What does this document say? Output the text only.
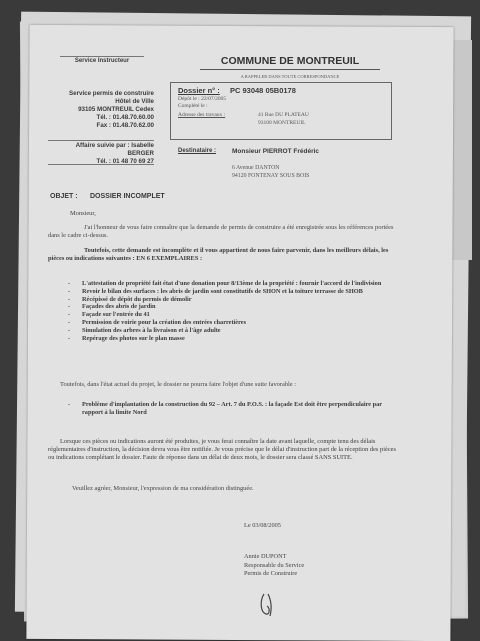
Service Instructeur
Service permis de construire
Hôtel de Ville
93105 MONTREUIL Cedex
Tél. : 01.48.70.60.00
Fax : 01.48.70.62.00
Affaire suivie par : Isabelle
BERGER
Tél. : 01 48 70 69 27
COMMUNE DE MONTREUIL
A RAPPELER DANS TOUTE CORRESPONDANCE
Dossier n° : PC 93048 05B0178
Dépôt le : 22/07/2005
Complété le :
Adresse des travaux :	41 Rue DU PLATEAU
93100 MONTREUIL
Destinataire : Monsieur PIERROT Frédéric
6 Avenue DANTON
94120 FONTENAY SOUS BOIS
OBJET : DOSSIER INCOMPLET
Monsieur,
J'ai l'honneur de vous faire connaître que la demande de permis de construire a été enregistrée sous les références portées dans le cadre ci-dessus.
Toutefois, cette demande est incomplète et il vous appartient de nous faire parvenir, dans les meilleurs délais, les pièces ou indications suivantes : EN 6 EXEMPLAIRES :
- L'attestation de propriété fait état d'une donation pour 8/13ème de la propriété : fournir l'accord de l'indivision
- Revoir le bilan des surfaces : les abris de jardin sont constitutifs de SHON et la toiture terrasse de SHOB
- Récépissé de dépôt du permis de démolir
- Façades des abris de jardin
- Façade sur l'entrée du 41
- Permission de voirie pour la création des entrées charretières
- Simulation des arbres à la livraison et à l'âge adulte
- Repérage des photos sur le plan masse
Toutefois, dans l'état actuel du projet, le dossier ne pourra faire l'objet d'une suite favorable :
- Problème d'implantation de la construction du 92 – Art. 7 du P.O.S. : la façade Est doit être perpendiculaire par rapport à la limite Nord
Lorsque ces pièces ou indications auront été produites, je vous ferai connaître la date avant laquelle, compte tenu des délais réglementaires d'instruction, la décision devra vous être notifiée. Je vous précise que le délai d'instruction part de la réception des pièces ou indications complétant le dossier. Faute de réponse dans un délai de deux mois, le dossier sera classé SANS SUITE.
Veuillez agréer, Monsieur, l'expression de ma considération distinguée.
Le 03/08/2005
Annie DUPONT
Responsable du Service
Permis de Construire
